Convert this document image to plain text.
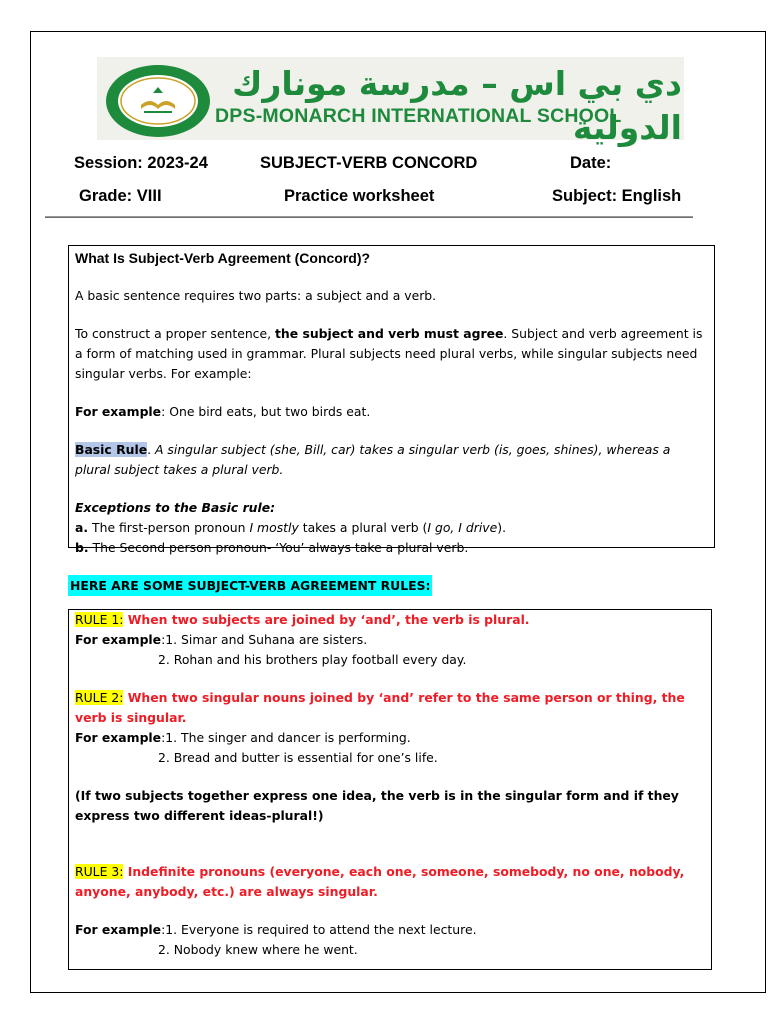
دي بي اس – مدرسة مونارك الدولية
DPS-MONARCH INTERNATIONAL SCHOOL
Session: 2023-24	SUBJECT-VERB CONCORD	Date:
Grade: VIII	Practice worksheet	Subject: English

What Is Subject-Verb Agreement (Concord)?

A basic sentence requires two parts: a subject and a verb.

To construct a proper sentence, the subject and verb must agree. Subject and verb agreement is a form of matching used in grammar. Plural subjects need plural verbs, while singular subjects need singular verbs. For example:

For example: One bird eats, but two birds eat.

Basic Rule. A singular subject (she, Bill, car) takes a singular verb (is, goes, shines), whereas a plural subject takes a plural verb.

Exceptions to the Basic rule:

a. The first-person pronoun I mostly takes a plural verb (I go, I drive).

b. The Second person pronoun- ‘You’ always take a plural verb.

HERE ARE SOME SUBJECT-VERB AGREEMENT RULES:

RULE 1: When two subjects are joined by ‘and’, the verb is plural.

For example:1. Simar and Suhana are sisters.

2. Rohan and his brothers play football every day.

RULE 2: When two singular nouns joined by ‘and’ refer to the same person or thing, the verb is singular.

For example:1. The singer and dancer is performing.

2. Bread and butter is essential for one’s life.

(If two subjects together express one idea, the verb is in the singular form and if they express two different ideas-plural!)

RULE 3: Indefinite pronouns (everyone, each one, someone, somebody, no one, nobody, anyone, anybody, etc.) are always singular.

For example:1. Everyone is required to attend the next lecture.

2. Nobody knew where he went.
